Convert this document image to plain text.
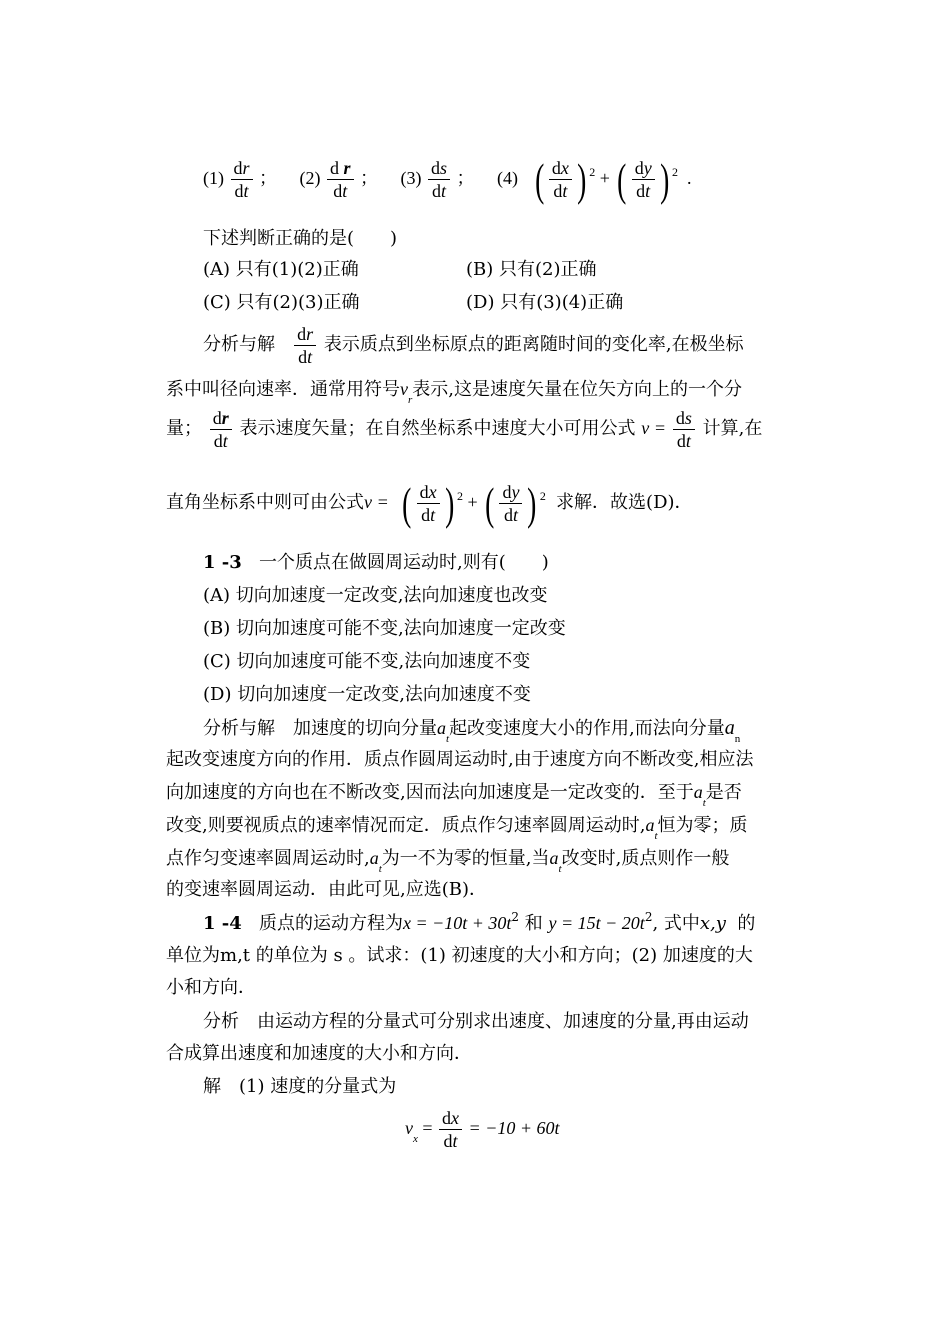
$(1) \frac{dr}{dt}$ ； $(2) \frac{\text{d r}}{dt}$ ； $(3) \frac{ds}{dt}$ ； (4) ( $\frac{dx}{dt}$ ) $^2$ + ( $\frac{dy}{dt}$ ) $^2$ .
下述判断正确的是(　　)
(A) 只有(1)(2)正确	(B) 只有(2)正确
(C) 只有(2)(3)正确	(D) 只有(3)(4)正确
分析与解 $\frac{dr}{dt}$ 表示质点到坐标原点的距离随时间的变化率,在极坐标
系中叫径向速率．通常用符号$v_r$表示,这是速度矢量在位矢方向上的一个分
量； $\frac{dr}{dt}$ 表示速度矢量；在自然坐标系中速度大小可用公式 $v = \frac{ds}{dt}$ 计算,在
直角坐标系中则可由公式v = ( $\frac{dx}{dt}$ ) $^2$ + ( $\frac{dy}{dt}$ ) $^2$ 求解．故选(D)．
1 -3 一个质点在做圆周运动时,则有(　　)
(A) 切向加速度一定改变,法向加速度也改变
(B) 切向加速度可能不变,法向加速度一定改变
(C) 切向加速度可能不变,法向加速度不变
(D) 切向加速度一定改变,法向加速度不变
分析与解　加速度的切向分量$a_t$起改变速度大小的作用,而法向分量$a_n$
起改变速度方向的作用．质点作圆周运动时,由于速度方向不断改变,相应法
向加速度的方向也在不断改变,因而法向加速度是一定改变的．至于$a_t$是否
改变,则要视质点的速率情况而定．质点作匀速率圆周运动时$,a_t$恒为零；质
点作匀变速率圆周运动时$,a_t$为一不为零的恒量,当$a_t$改变时,质点则作一般
的变速率圆周运动．由此可见,应选(B)．
1 -4 质点的运动方程为$x = -10t + 30t^2$ 和 $y = 15t - 20t^2$, 式中x,y 的
单位为m,t 的单位为 s 。试求：(1) 初速度的大小和方向；(2) 加速度的大
小和方向．
分析　由运动方程的分量式可分别求出速度、加速度的分量,再由运动
合成算出速度和加速度的大小和方向．
解　(1) 速度的分量式为
$v_x = \frac{dx}{dt} = -10 + 60t$
